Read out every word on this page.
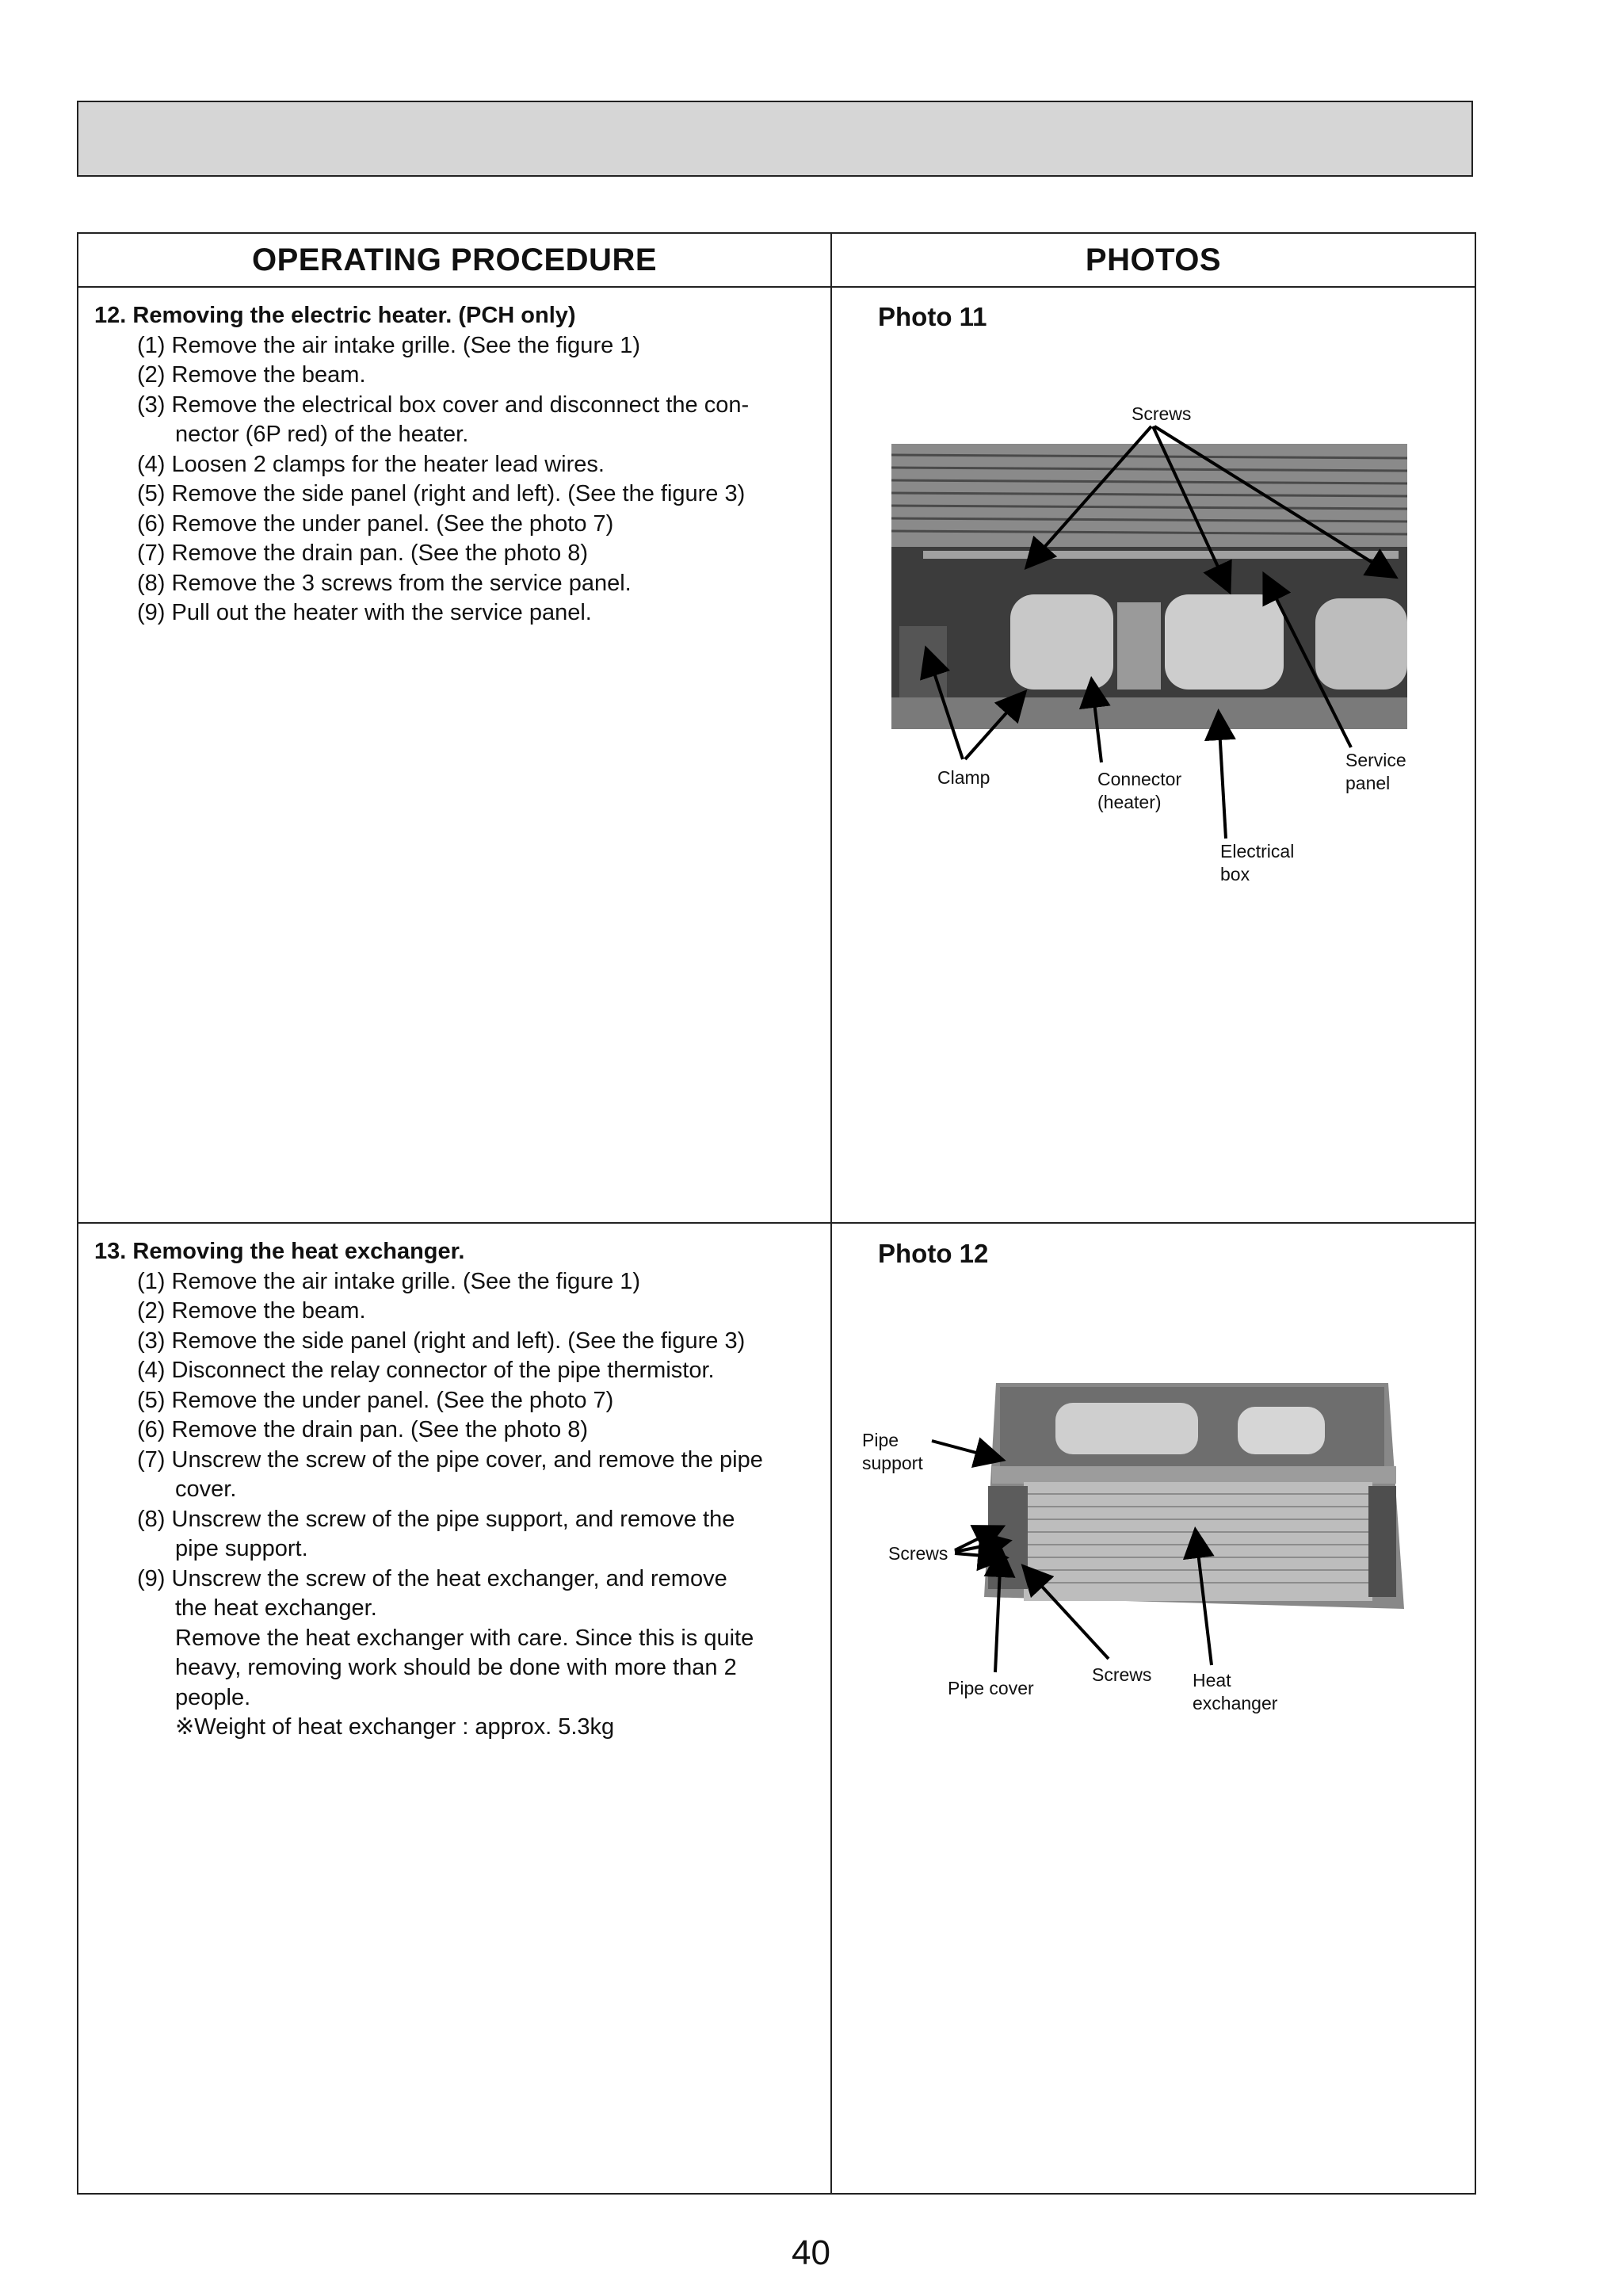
OPERATING PROCEDURE	PHOTOS
12. Removing the electric heater. (PCH only)
(1) Remove the air intake grille. (See the figure 1)
(2) Remove the beam.
(3) Remove the electrical box cover and disconnect the con-
nector (6P red) of the heater.
(4) Loosen 2 clamps for the heater lead wires.
(5) Remove the side panel (right and left). (See the figure 3)
(6) Remove the under panel. (See the photo 7)
(7) Remove the drain pan. (See the photo 8)
(8) Remove the 3 screws from the service panel.
(9) Pull out the heater with the service panel.
13. Removing the heat exchanger.
(1) Remove the air intake grille. (See the figure 1)
(2) Remove the beam.
(3) Remove the side panel (right and left). (See the figure 3)
(4) Disconnect the relay connector of the pipe thermistor.
(5) Remove the under panel. (See the photo 7)
(6) Remove the drain pan. (See the photo 8)
(7) Unscrew the screw of the pipe cover, and remove the pipe
cover.
(8) Unscrew the screw of the pipe support, and remove the
pipe support.
(9) Unscrew the screw of the heat exchanger, and remove
the heat exchanger.
Remove the heat exchanger with care. Since this is quite
heavy, removing work should be done with more than 2
people.
※Weight of heat exchanger : approx. 5.3kg
Photo 11
Photo 12
Screws
Clamp	Connector
(heater)
Service
panel
Electrical
box
Pipe
support
Screws
Pipe cover
Screws Heat
exchanger
40
